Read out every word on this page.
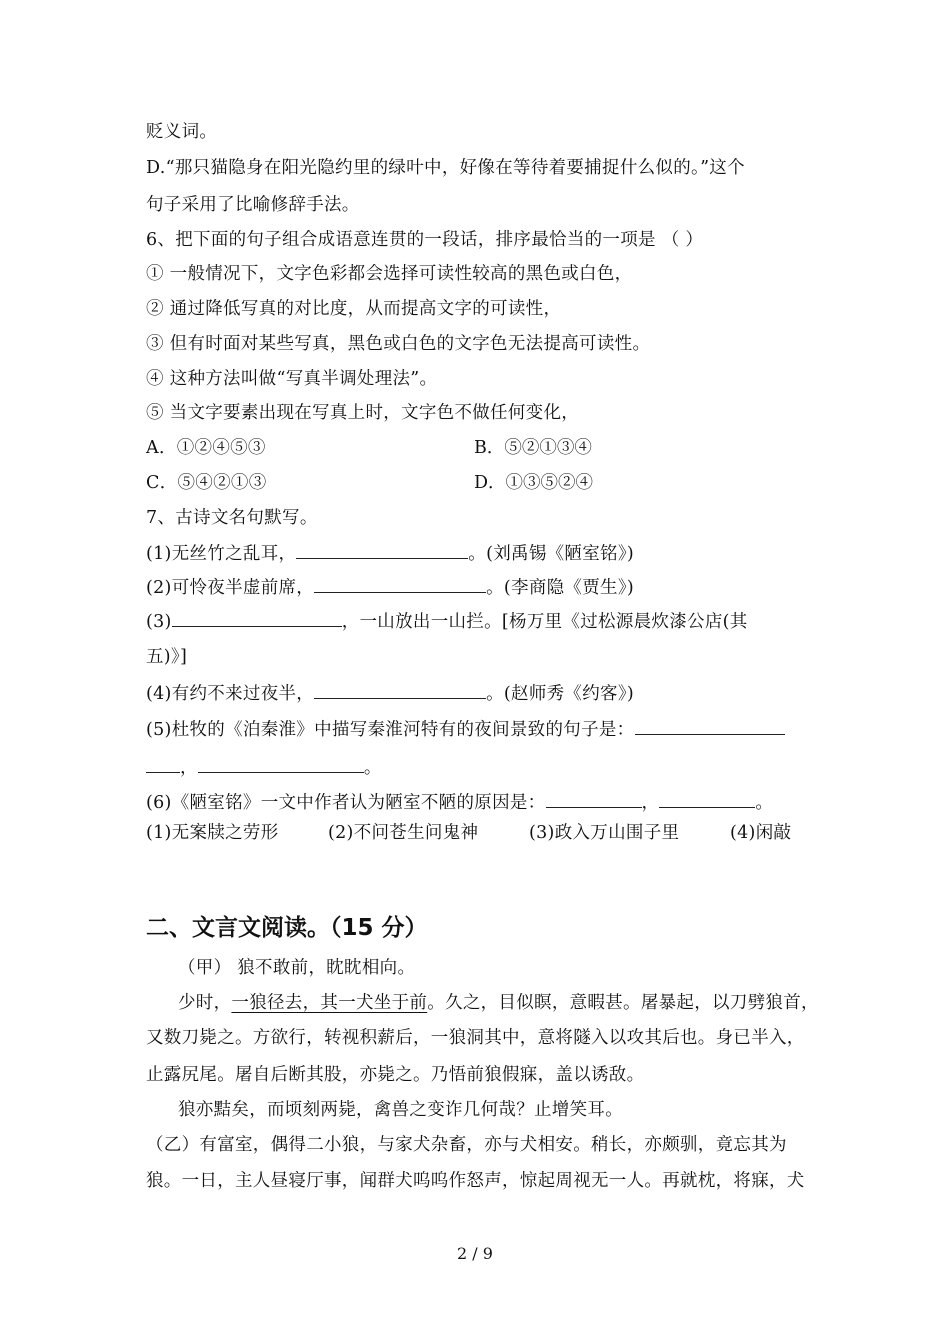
贬义词。
D.“那只猫隐身在阳光隐约里的绿叶中，好像在等待着要捕捉什么似的。”这个
句子采用了比喻修辞手法。
6、把下面的句子组合成语意连贯的一段话，排序最恰当的一项是 （ ）
① 一般情况下，文字色彩都会选择可读性较高的黑色或白色，
② 通过降低写真的对比度，从而提高文字的可读性，
③ 但有时面对某些写真，黑色或白色的文字色无法提高可读性。
④ 这种方法叫做“写真半调处理法”。
⑤ 当文字要素出现在写真上时，文字色不做任何变化，
A．①②④⑤③	B．⑤②①③④
C．⑤④②①③	D．①③⑤②④
7、古诗文名句默写。
(1)无丝竹之乱耳，	。(刘禹锡《陋室铭》)
(2)可怜夜半虚前席，	。(李商隐《贾生》)
(3)	，一山放出一山拦。[杨万里《过松源晨炊漆公店(其
五)》]
(4)有约不来过夜半，	。(赵师秀《约客》)
(5)杜牧的《泊秦淮》中描写秦淮河特有的夜间景致的句子是：
，	。
(6)《陋室铭》一文中作者认为陋室不陋的原因是：	，	。
(1)无案牍之劳形	(2)不问苍生问鬼神	(3)政入万山围子里	(4)闲敲
二、文言文阅读。（15 分）
（甲） 狼不敢前，眈眈相向。
少时，一狼径去，其一犬坐于前。久之，目似瞑，意暇甚。屠暴起，以刀劈狼首，
又数刀毙之。方欲行，转视积薪后，一狼洞其中，意将隧入以攻其后也。身已半入，
止露尻尾。屠自后断其股，亦毙之。乃悟前狼假寐，盖以诱敌。
狼亦黠矣，而顷刻两毙，禽兽之变诈几何哉？止增笑耳。
（乙）有富室，偶得二小狼，与家犬杂畜，亦与犬相安。稍长，亦颇驯，竟忘其为
狼。一日，主人昼寝厅事，闻群犬呜呜作怒声，惊起周视无一人。再就枕，将寐，犬
2 / 9
